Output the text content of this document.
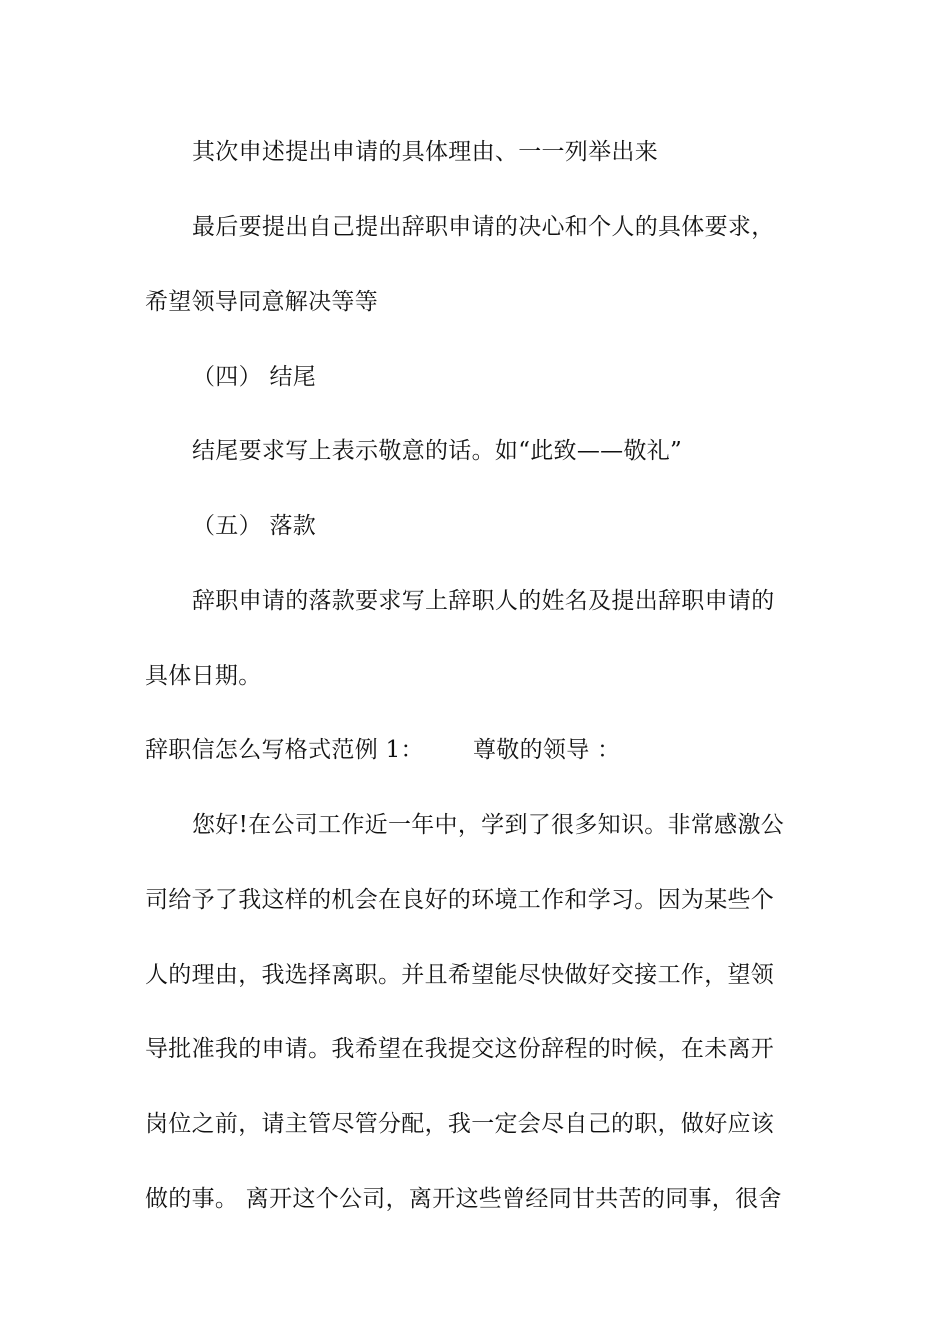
其次申述提出申请的具体理由、一一列举出来
最后要提出自己提出辞职申请的决心和个人的具体要求，
希望领导同意解决等等
（四） 结尾
结尾要求写上表示敬意的话。如“此致——敬礼”
（五） 落款
辞职申请的落款要求写上辞职人的姓名及提出辞职申请的
具体日期。
辞职信怎么写格式范例 1： 尊敬的领导 ：
您好!在公司工作近一年中，学到了很多知识。非常感激公
司给予了我这样的机会在良好的环境工作和学习。因为某些个
人的理由，我选择离职。并且希望能尽快做好交接工作，望领
导批准我的申请。我希望在我提交这份辞程的时候，在未离开
岗位之前，请主管尽管分配，我一定会尽自己的职，做好应该
做的事。 离开这个公司，离开这些曾经同甘共苦的同事，很舍
